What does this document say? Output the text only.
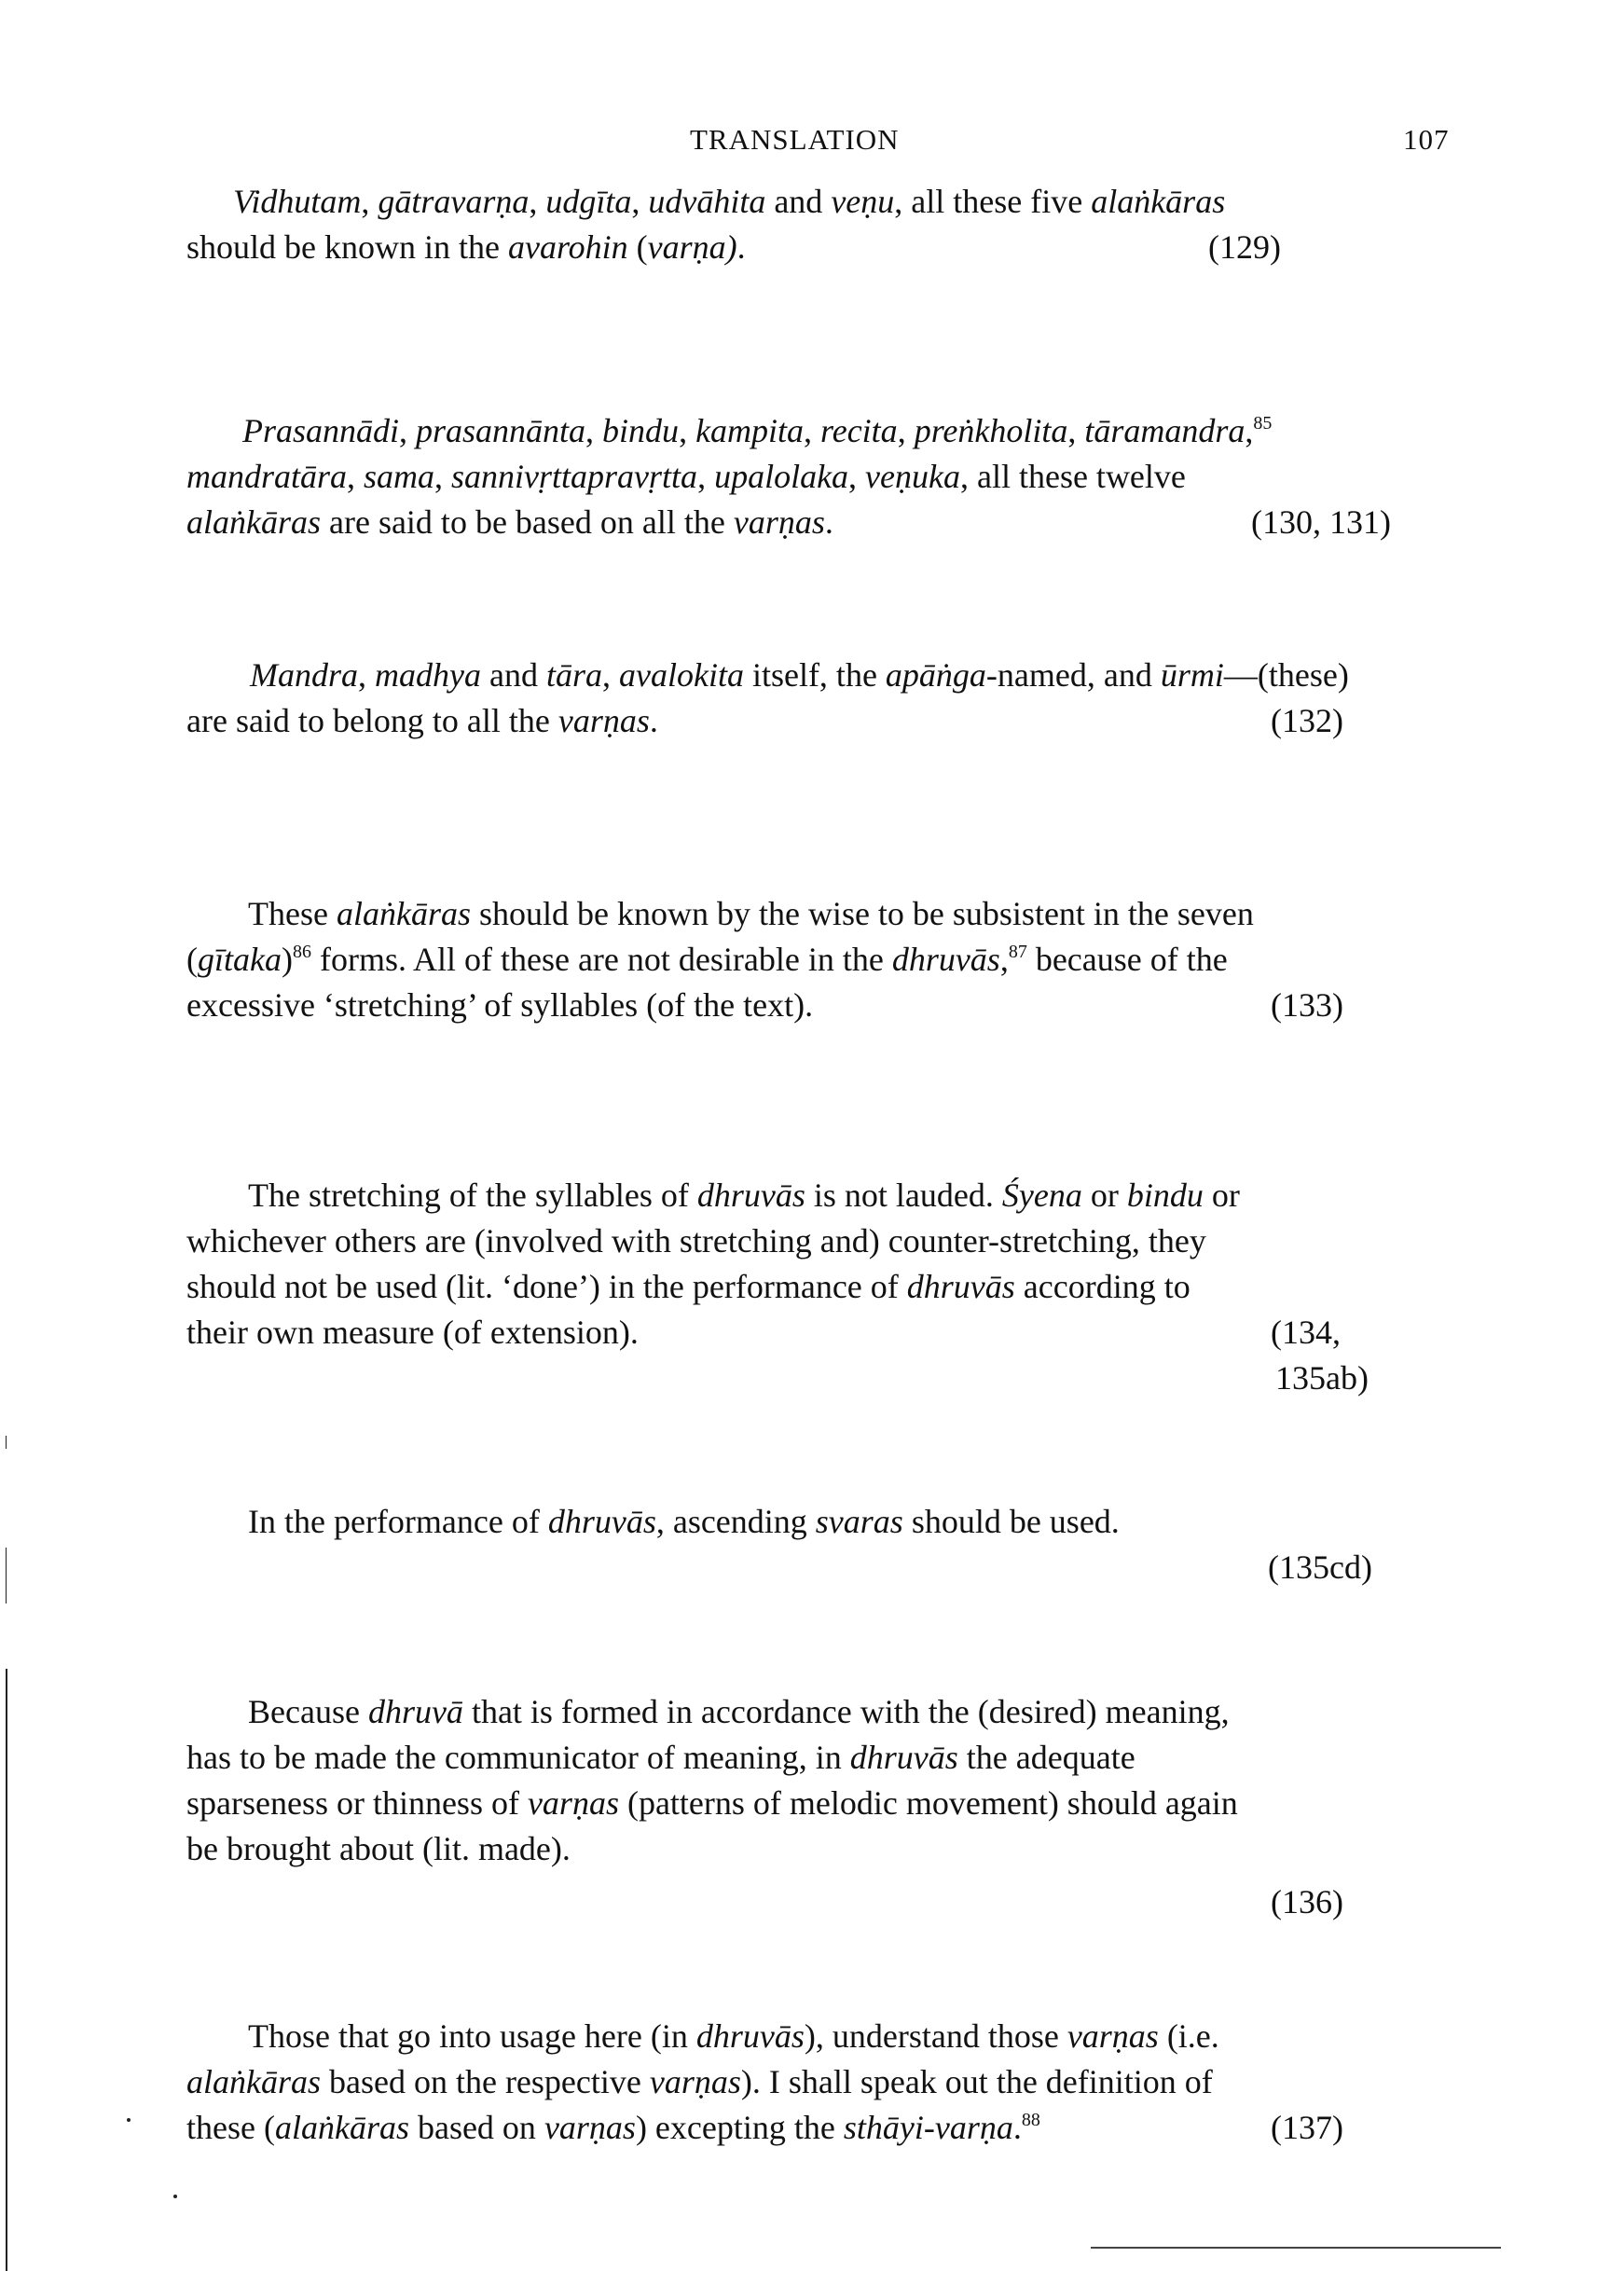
TRANSLATION	107
Vidhutam, gātravarṇa, udgīta, udvāhita and veṇu, all these five alaṅkāras
should be known in the avarohin (varṇa).	(129)
Prasannādi, prasannānta, bindu, kampita, recita, preṅkholita, tāramandra,$^{85}$
mandratāra, sama, sannivṛttapravṛtta, upalolaka, veṇuka, all these twelve
alaṅkāras are said to be based on all the varṇas.	(130, 131)
Mandra, madhya and tāra, avalokita itself, the apāṅga-named, and ūrmi—(these)
are said to belong to all the varṇas.	(132)
These alaṅkāras should be known by the wise to be subsistent in the seven
(gītaka)$^{86}$ forms. All of these are not desirable in the dhruvās,$^{87}$ because of the
excessive ‘stretching’ of syllables (of the text).	(133)
The stretching of the syllables of dhruvās is not lauded. Śyena or bindu or
whichever others are (involved with stretching and) counter-stretching, they
should not be used (lit. ‘done’) in the performance of dhruvās according to
their own measure (of extension).	(134,
135ab)
In the performance of dhruvās, ascending svaras should be used.
(135cd)
Because dhruvā that is formed in accordance with the (desired) meaning,
has to be made the communicator of meaning, in dhruvās the adequate
sparseness or thinness of varṇas (patterns of melodic movement) should again
be brought about (lit. made).
(136)
Those that go into usage here (in dhruvās), understand those varṇas (i.e.
alaṅkāras based on the respective varṇas). I shall speak out the definition of
these (alaṅkāras based on varṇas) excepting the sthāyi-varṇa.$^{88}$	(137)
